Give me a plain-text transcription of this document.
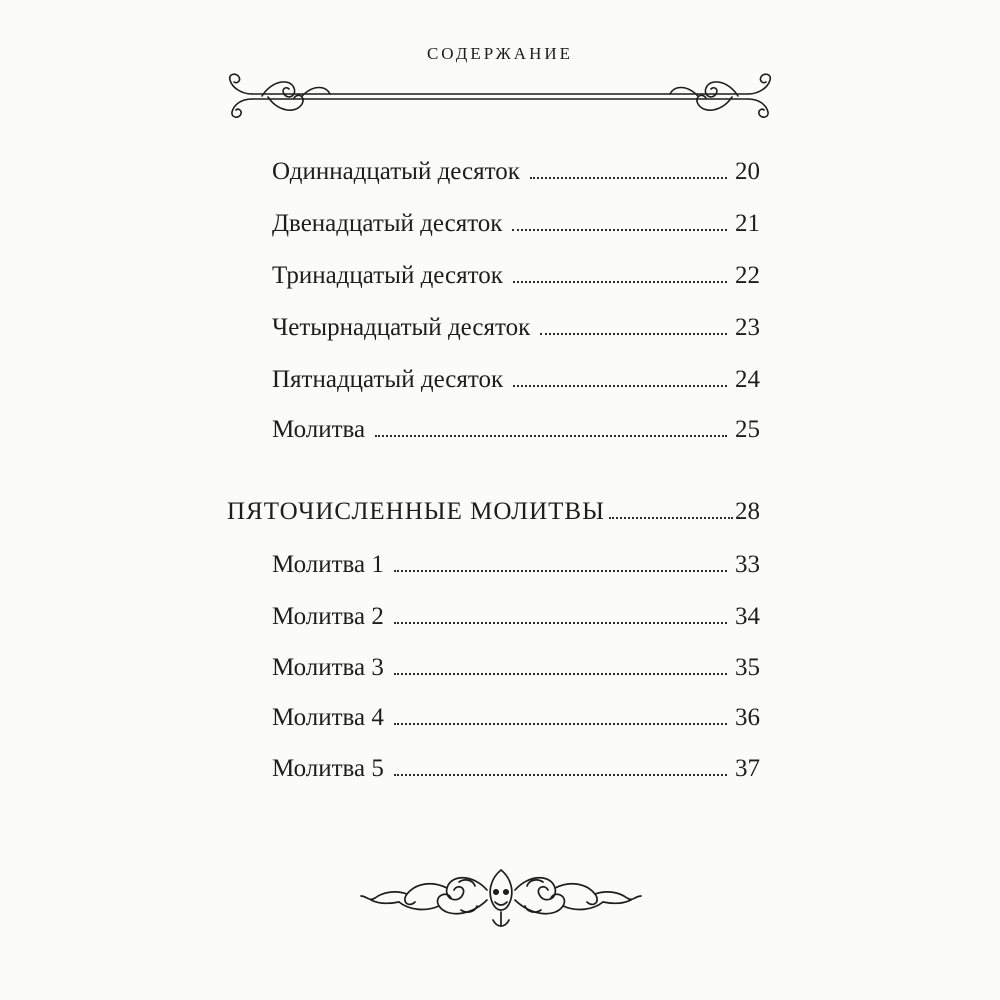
СОДЕРЖАНИЕ
Одиннадцатый десяток	20
Двенадцатый десяток	21
Тринадцатый десяток	22
Четырнадцатый десяток	23
Пятнадцатый десяток	24
Молитва	25
ПЯТОЧИСЛЕННЫЕ МОЛИТВЫ	28
Молитва 1	33
Молитва 2	34
Молитва 3	35
Молитва 4	36
Молитва 5	37
